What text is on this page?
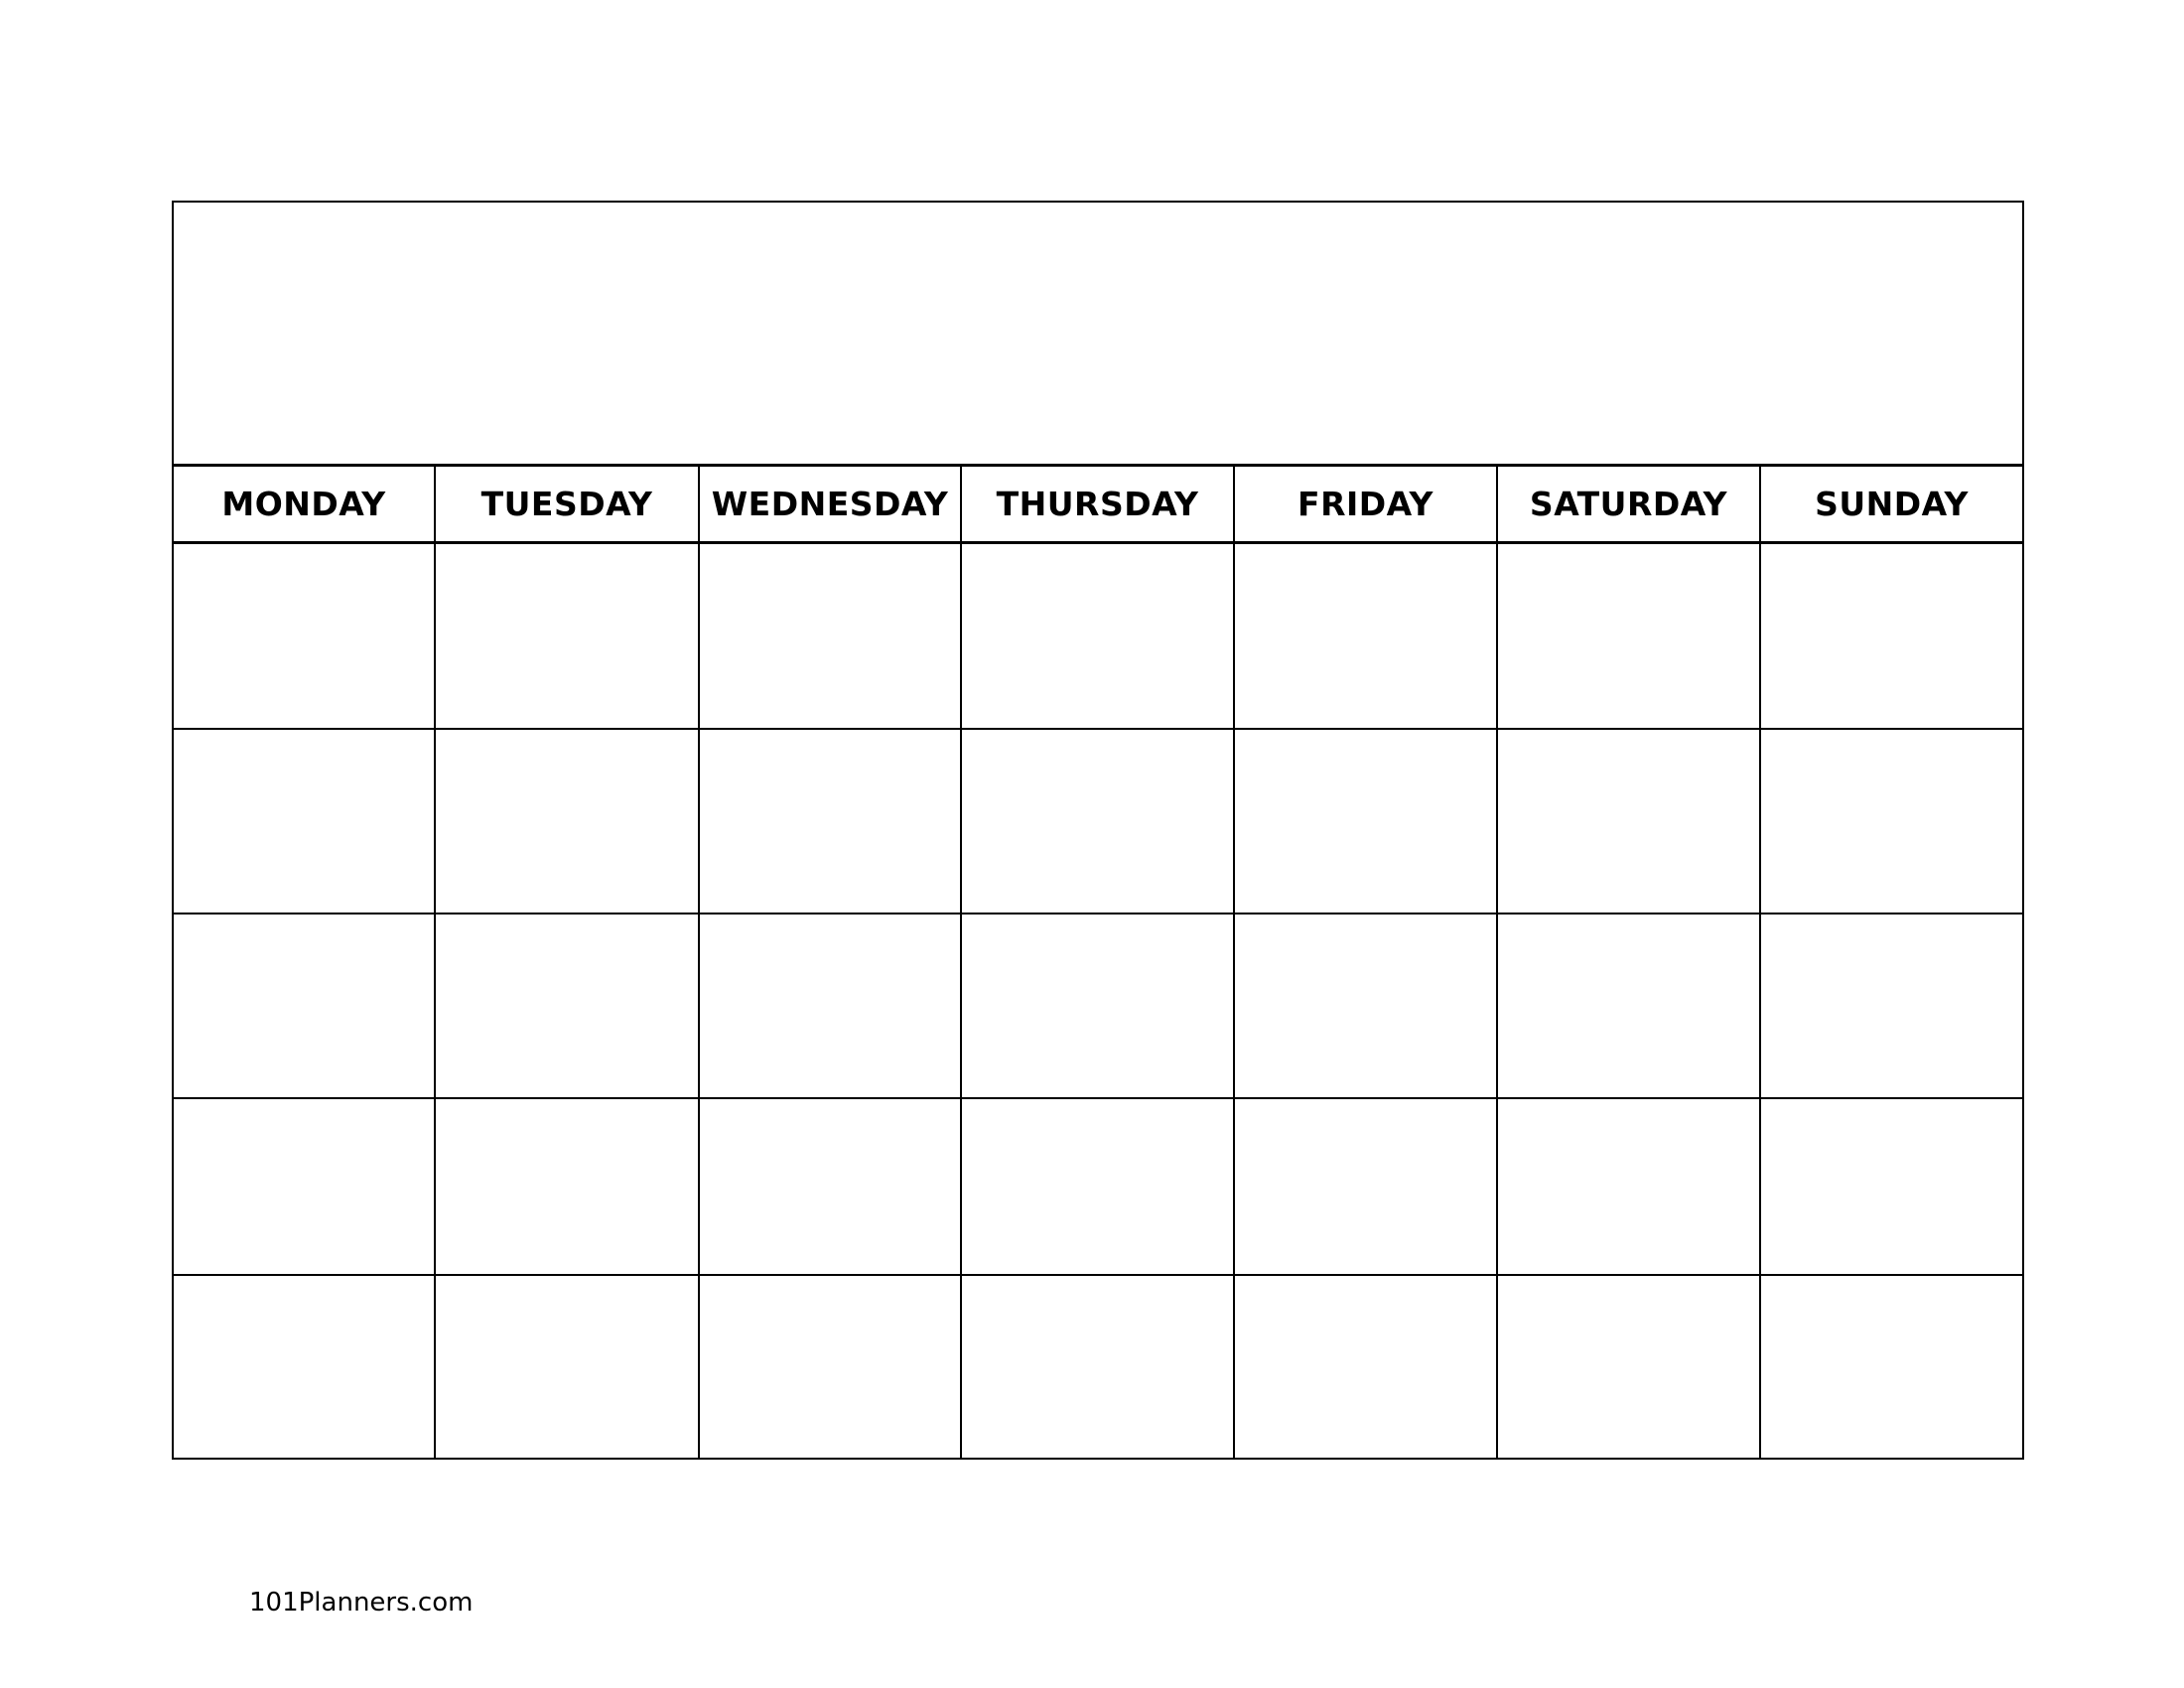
MONDAY	TUESDAY	WEDNESDAY	THURSDAY	FRIDAY	SATURDAY	SUNDAY
101Planners.com
